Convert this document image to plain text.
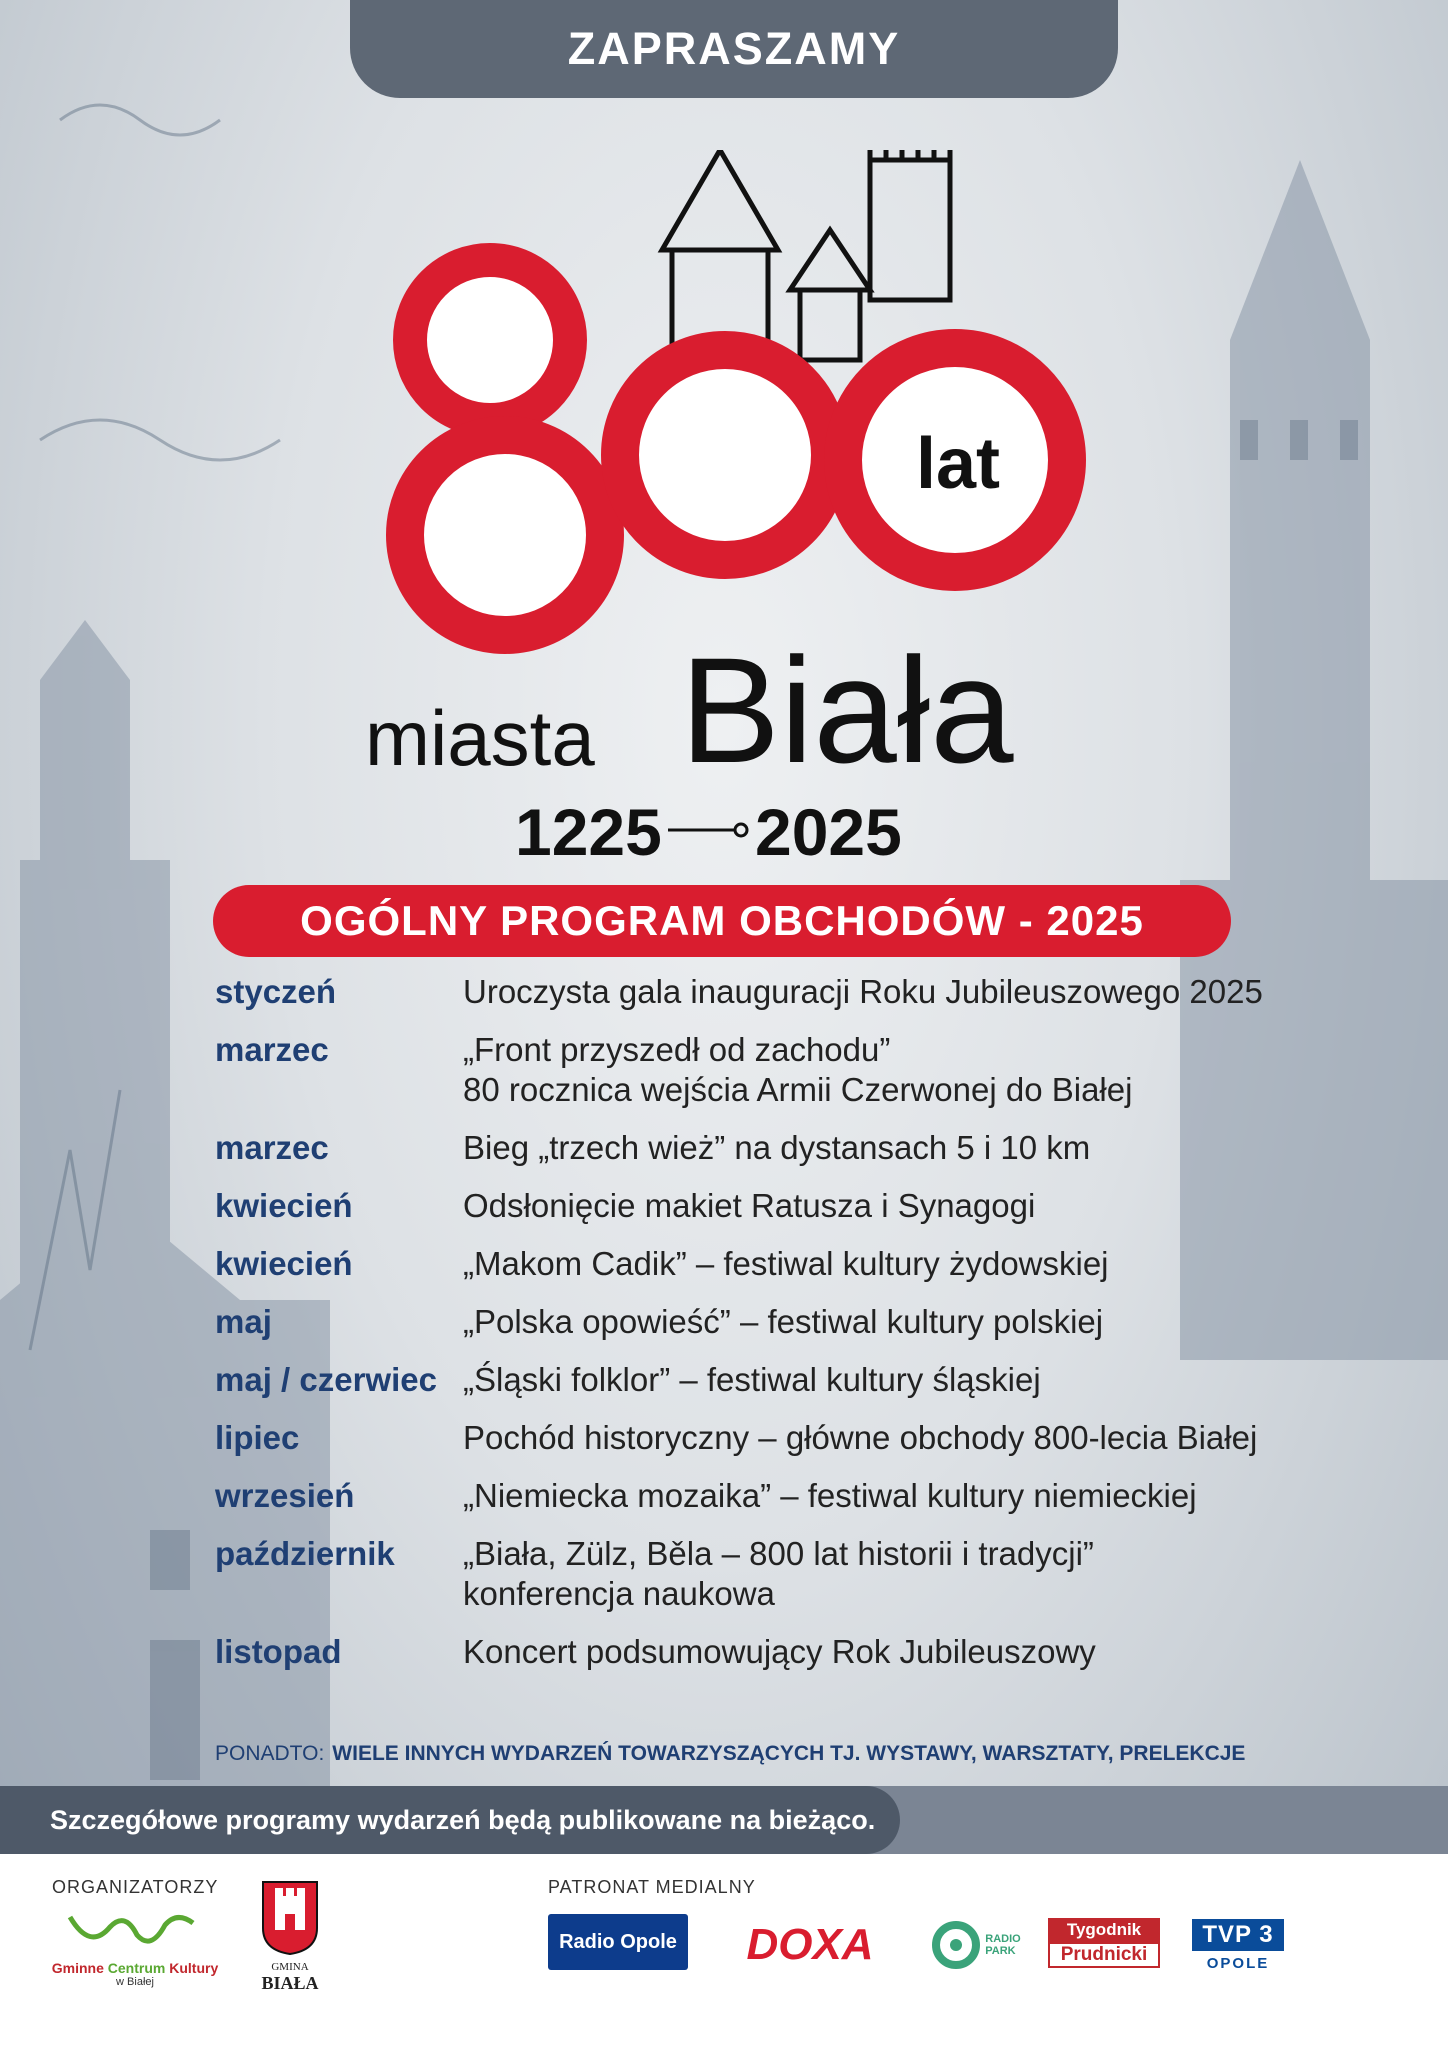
ZAPRASZAMY
lat
miasta Biała
1225 2025
OGÓLNY PROGRAM OBCHODÓW - 2025
styczeń	Uroczysta gala inauguracji Roku Jubileuszowego 2025
marzec	„Front przyszedł od zachodu”
80 rocznica wejścia Armii Czerwonej do Białej
marzec	Bieg „trzech wież” na dystansach 5 i 10 km
kwiecień	Odsłonięcie makiet Ratusza i Synagogi
kwiecień	„Makom Cadik” – festiwal kultury żydowskiej
maj	„Polska opowieść” – festiwal kultury polskiej
maj / czerwiec „Śląski folklor” – festiwal kultury śląskiej
lipiec	Pochód historyczny – główne obchody 800-lecia Białej
wrzesień	„Niemiecka mozaika” – festiwal kultury niemieckiej
październik	„Biała, Zülz, Běla – 800 lat historii i tradycji”
konferencja naukowa
listopad	Koncert podsumowujący Rok Jubileuszowy
PONADTO: WIELE INNYCH WYDARZEŃ TOWARZYSZĄCYCH TJ. WYSTAWY, WARSZTATY, PRELEKCJE
Szczegółowe programy wydarzeń będą publikowane na bieżąco.
ORGANIZATORZY	PATRONAT MEDIALNY
Gminne Centrum Kultury
w Białej
GMINA
BIAŁA
Radio Opole	DOXA	RADIO
PARK
Tygodnik
Prudnicki
TVP 3
OPOLE
